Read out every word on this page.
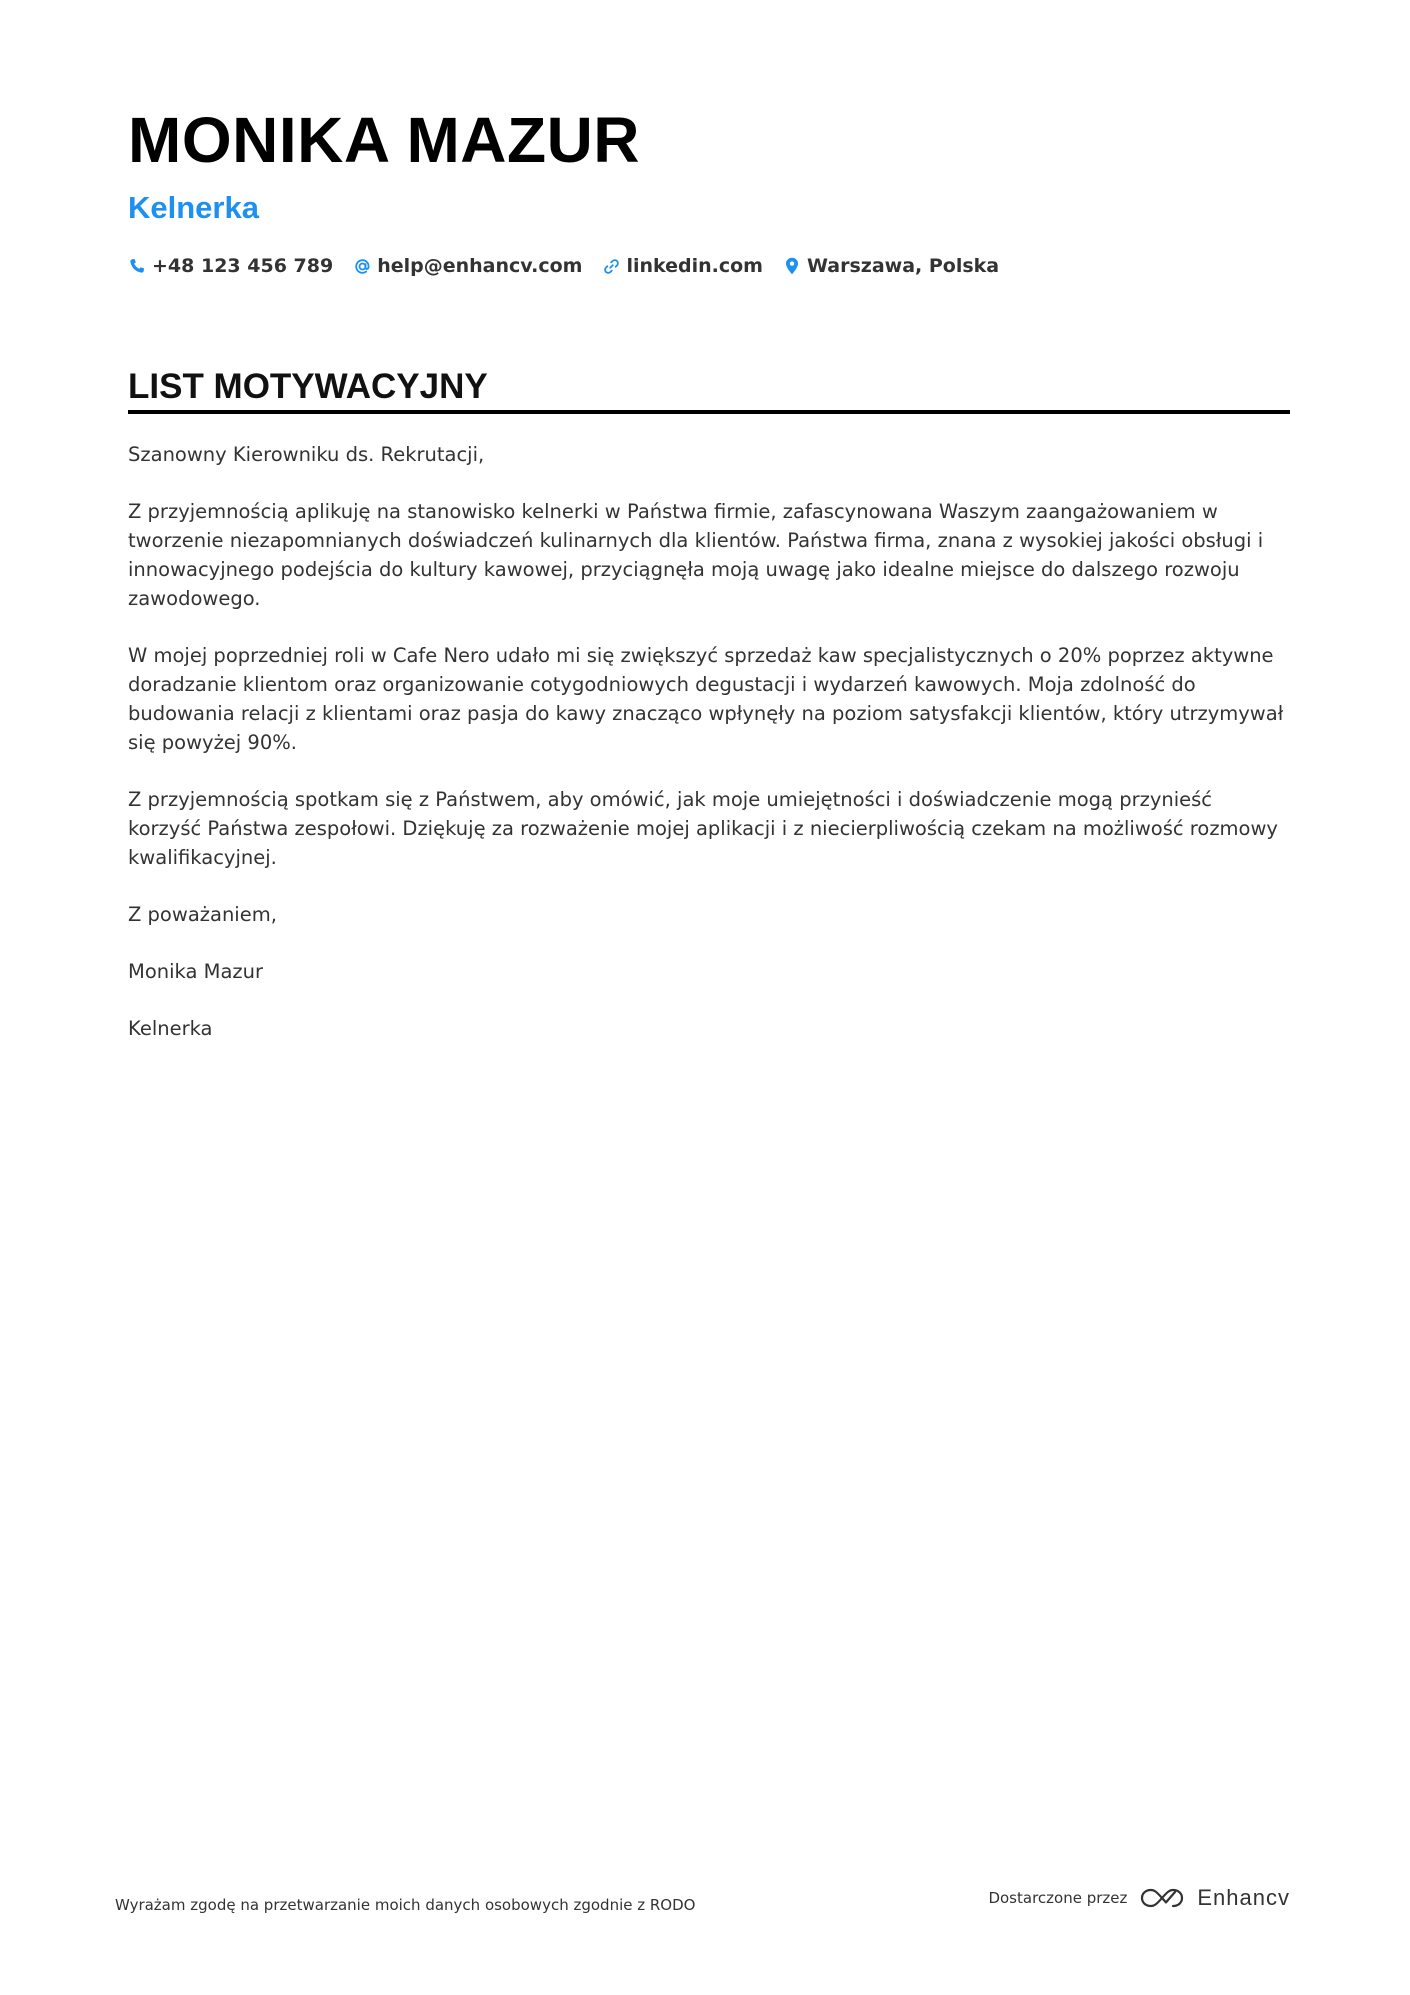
MONIKA MAZUR
Kelnerka
+48 123 456 789 help@enhancv.com linkedin.com Warszawa, Polska
LIST MOTYWACYJNY

Szanowny Kierowniku ds. Rekrutacji,

Z przyjemnością aplikuję na stanowisko kelnerki w Państwa firmie, zafascynowana Waszym zaangażowaniem w tworzenie niezapomnianych doświadczeń kulinarnych dla klientów. Państwa firma, znana z wysokiej jakości obsługi i innowacyjnego podejścia do kultury kawowej, przyciągnęła moją uwagę jako idealne miejsce do dalszego rozwoju zawodowego.

W mojej poprzedniej roli w Cafe Nero udało mi się zwiększyć sprzedaż kaw specjalistycznych o 20% poprzez aktywne doradzanie klientom oraz organizowanie cotygodniowych degustacji i wydarzeń kawowych. Moja zdolność do budowania relacji z klientami oraz pasja do kawy znacząco wpłynęły na poziom satysfakcji klientów, który utrzymywał się powyżej 90%.

Z przyjemnością spotkam się z Państwem, aby omówić, jak moje umiejętności i doświadczenie mogą przynieść korzyść Państwa zespołowi. Dziękuję za rozważenie mojej aplikacji i z niecierpliwością czekam na możliwość rozmowy kwalifikacyjnej.

Z poważaniem,

Monika Mazur

Kelnerka

Wyrażam zgodę na przetwarzanie moich danych osobowych zgodnie z RODO	Dostarczone przez	Enhancv
